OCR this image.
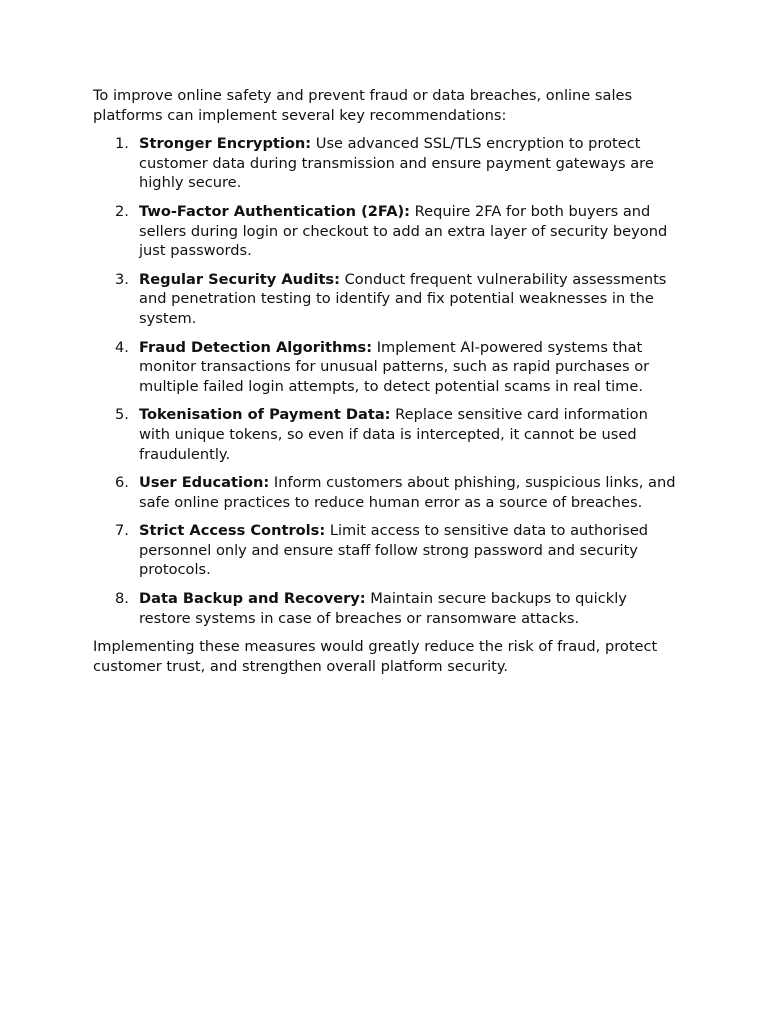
To improve online safety and prevent fraud or data breaches, online sales platforms can implement several key recommendations:

1. Stronger Encryption: Use advanced SSL/TLS encryption to protect customer data during transmission and ensure payment gateways are highly secure.
2. Two-Factor Authentication (2FA): Require 2FA for both buyers and sellers during login or checkout to add an extra layer of security beyond just passwords.
3. Regular Security Audits: Conduct frequent vulnerability assessments and penetration testing to identify and fix potential weaknesses in the system.
4. Fraud Detection Algorithms: Implement AI-powered systems that monitor transactions for unusual patterns, such as rapid purchases or multiple failed login attempts, to detect potential scams in real time.
5. Tokenisation of Payment Data: Replace sensitive card information with unique tokens, so even if data is intercepted, it cannot be used fraudulently.
6. User Education: Inform customers about phishing, suspicious links, and safe online practices to reduce human error as a source of breaches.
7. Strict Access Controls: Limit access to sensitive data to authorised personnel only and ensure staff follow strong password and security protocols.
8. Data Backup and Recovery: Maintain secure backups to quickly restore systems in case of breaches or ransomware attacks.

Implementing these measures would greatly reduce the risk of fraud, protect customer trust, and strengthen overall platform security.
